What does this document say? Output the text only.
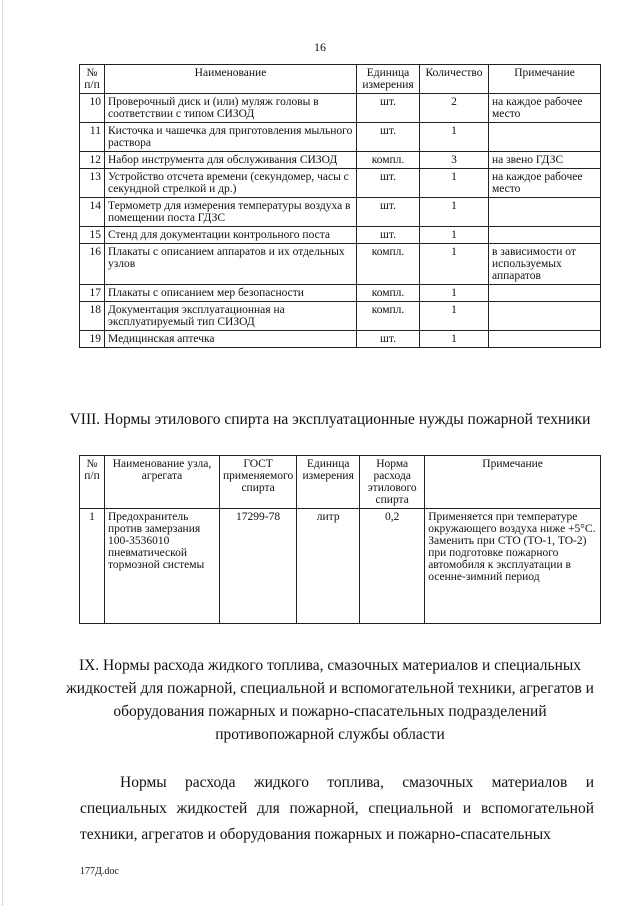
16
№ п/п	Наименование	Единица измерения	Количество	Примечание
10	Проверочный диск и (или) муляж головы в соответствии с типом СИЗОД	шт.	2	на каждое рабочее место
11	Кисточка и чашечка для приготовления мыльного раствора	шт.	1	
12	Набор инструмента для обслуживания СИЗОД	компл.	3	на звено ГДЗС
13	Устройство отсчета времени (секундомер, часы с секундной стрелкой и др.)	шт.	1	на каждое рабочее место
14	Термометр для измерения температуры воздуха в помещении поста ГДЗС	шт.	1	
15	Стенд для документации контрольного поста	шт.	1	
16	Плакаты с описанием аппаратов и их отдельных узлов	компл.	1	в зависимости от используемых аппаратов
17	Плакаты с описанием мер безопасности	компл.	1	
18	Документация эксплуатационная на эксплуатируемый тип СИЗОД	компл.	1	
19	Медицинская аптечка	шт.	1	
VIII. Нормы этилового спирта на эксплуатационные нужды пожарной техники
№ п/п	Наименование узла, агрегата	ГОСТ применяемого спирта	Единица измерения	Норма расхода этилового спирта	Примечание
1	Предохранитель против замерзания 100-3536010 пневматической тормозной системы	17299-78	литр	0,2	Применяется при температуре окружающего воздуха ниже +5°С. Заменить при СТО (ТО-1, ТО-2) при подготовке пожарного автомобиля к эксплуатации в осенне-зимний период
IX. Нормы расхода жидкого топлива, смазочных материалов и специальных жидкостей для пожарной, специальной и вспомогательной техники, агрегатов и оборудования пожарных и пожарно-спасательных подразделений противопожарной службы области
Нормы расхода жидкого топлива, смазочных материалов и специальных жидкостей для пожарной, специальной и вспомогательной техники, агрегатов и оборудования пожарных и пожарно-спасательных
177Д.doc
